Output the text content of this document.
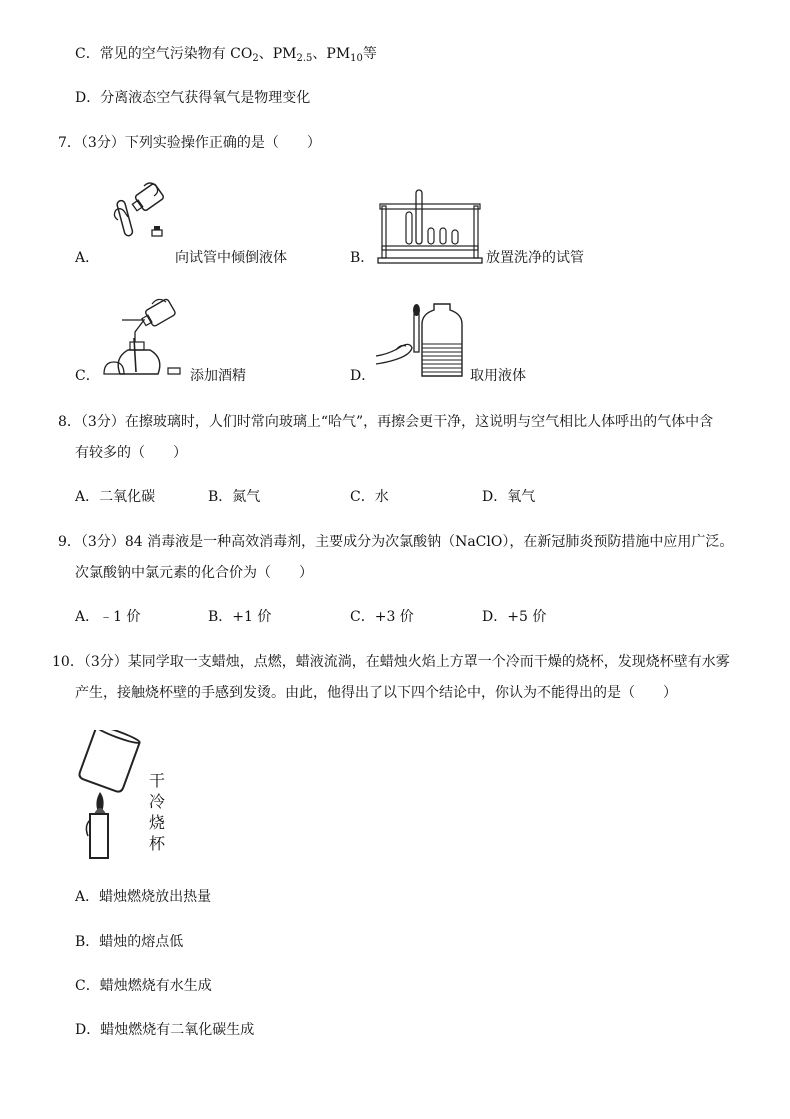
C．常见的空气污染物有 $CO_2$、$PM_{2.5}$、$PM_{10}$等
D．分离液态空气获得氧气是物理变化
7．（3分）下列实验操作正确的是（　　）
A．	向试管中倾倒液体	B．	放置洗净的试管
C．	添加酒精	D．	取用液体
8．（3分）在擦玻璃时，人们时常向玻璃上“哈气”，再擦会更干净，这说明与空气相比人体呼出的气体中含
有较多的（　　）
A．二氧化碳	B．氮气	C．水	D．氧气
9．（3分）84 消毒液是一种高效消毒剂，主要成分为次氯酸钠（NaClO），在新冠肺炎预防措施中应用广泛。
次氯酸钠中氯元素的化合价为（　　）
A．﹣1 价	B．+1 价	C．+3 价	D．+5 价
10．（3分）某同学取一支蜡烛，点燃，蜡液流淌，在蜡烛火焰上方罩一个冷而干燥的烧杯，发现烧杯壁有水雾
产生，接触烧杯壁的手感到发烫。由此，他得出了以下四个结论中，你认为不能得出的是（　　）
干
冷
烧
杯
A．蜡烛燃烧放出热量
B．蜡烛的熔点低
C．蜡烛燃烧有水生成
D．蜡烛燃烧有二氧化碳生成
